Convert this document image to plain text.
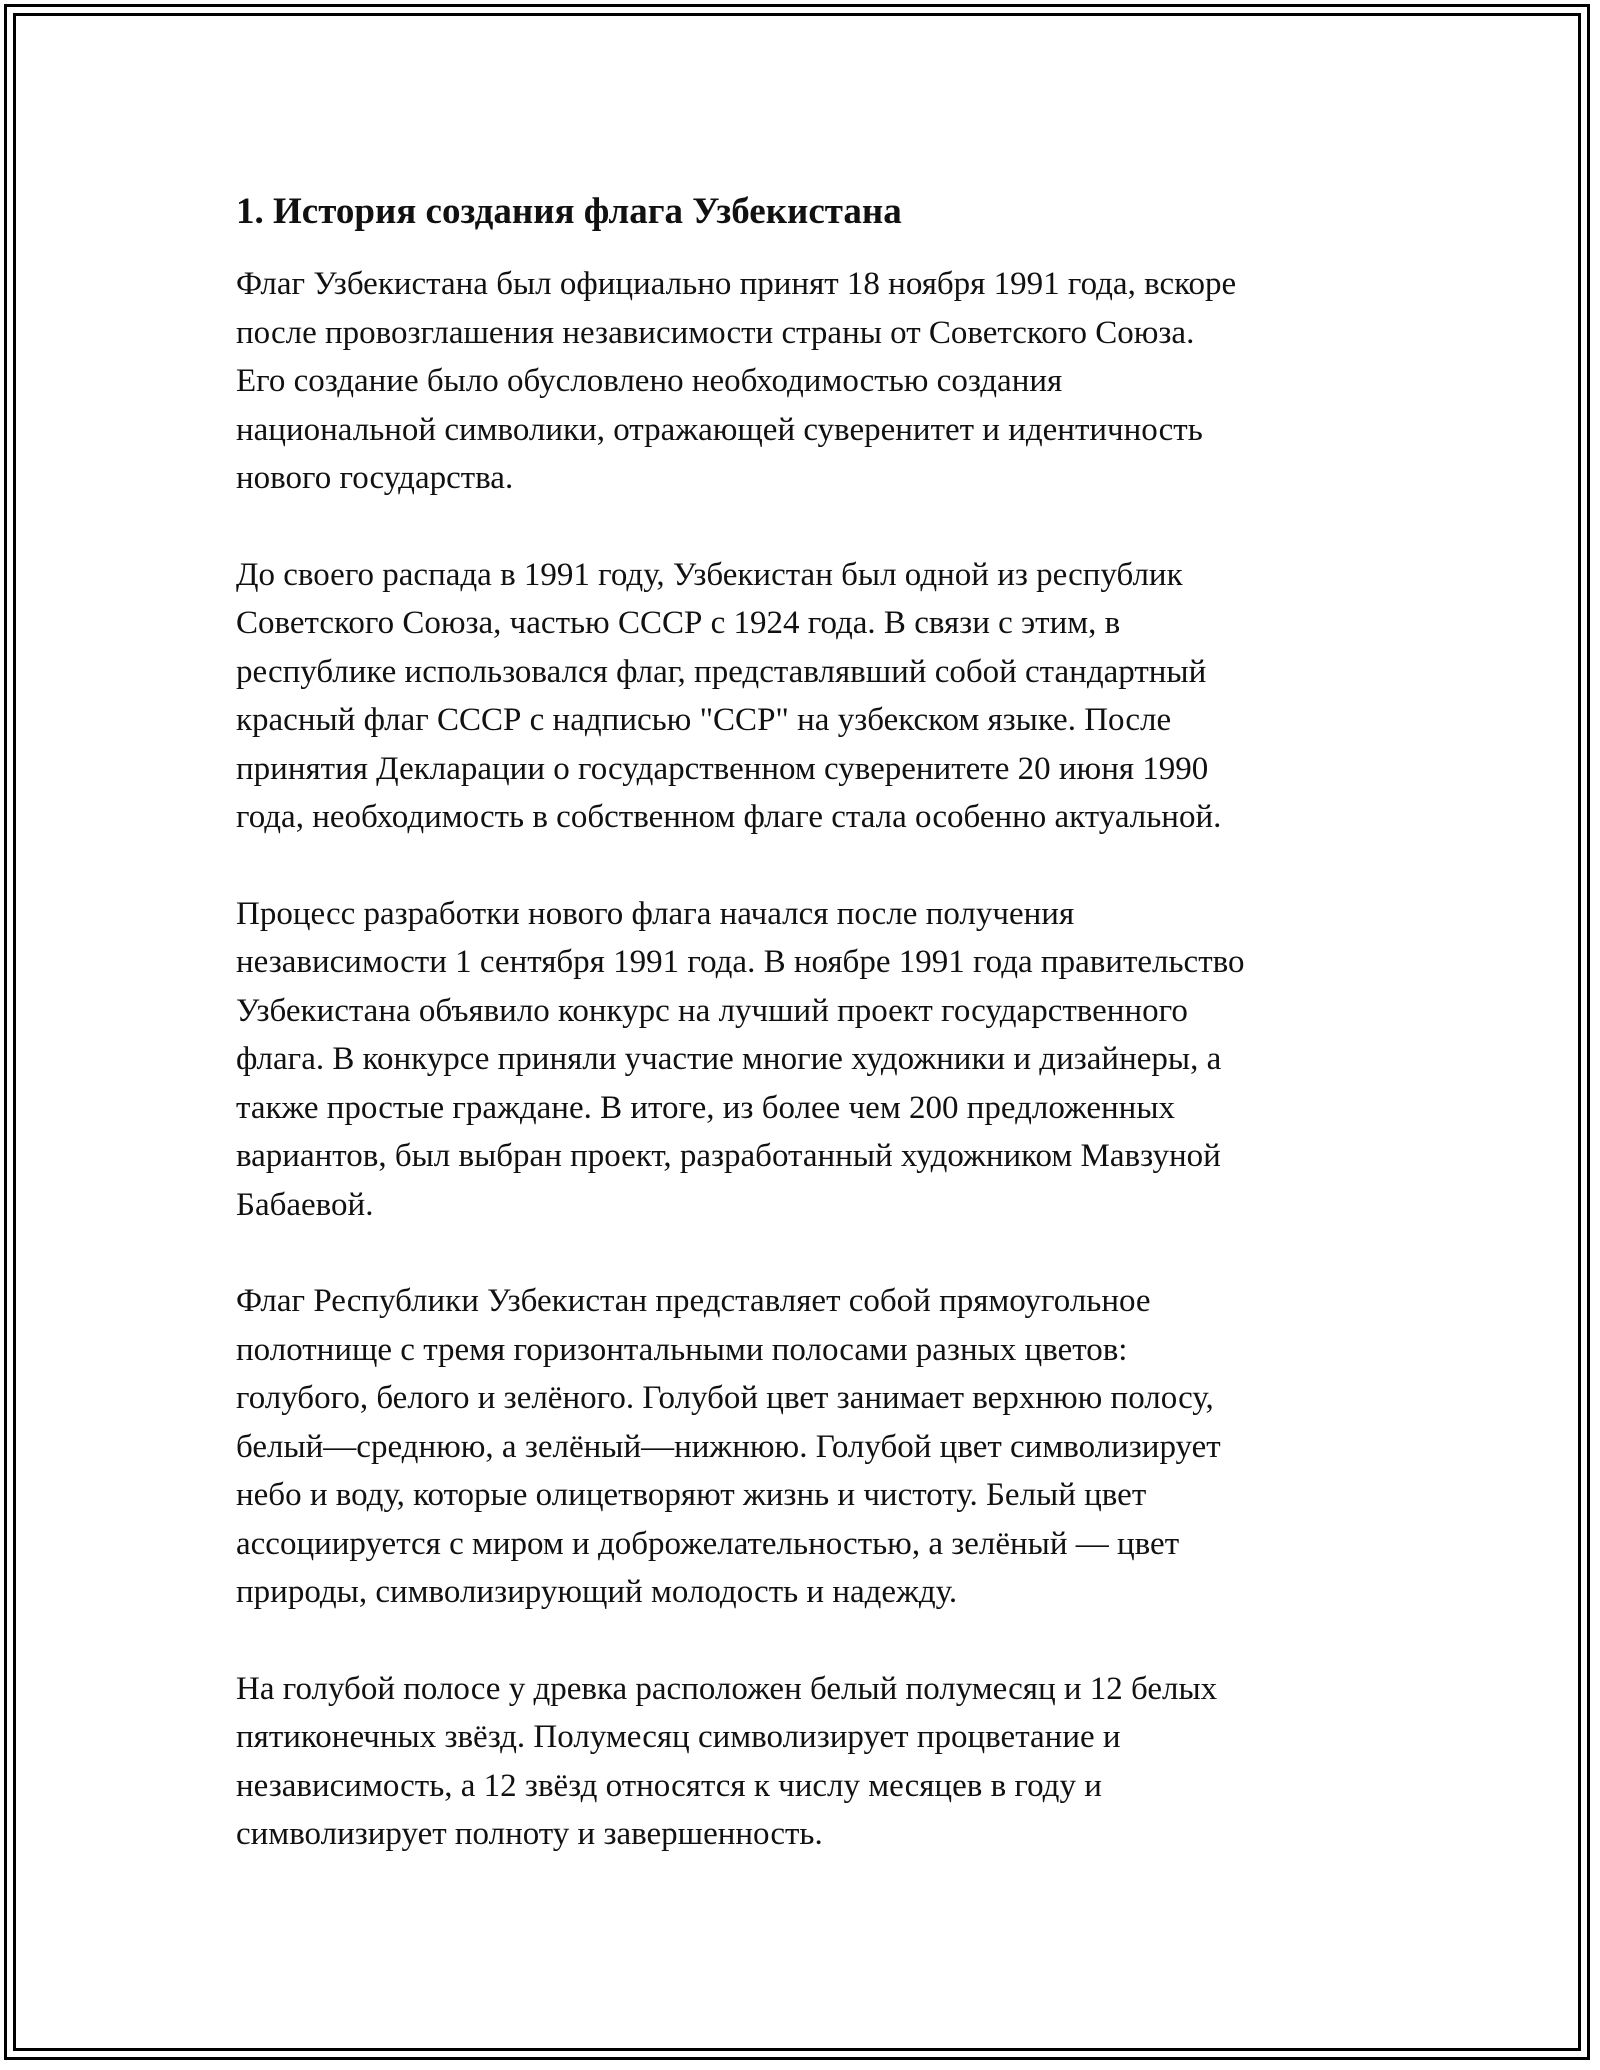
1. История создания флага Узбекистана

Флаг Узбекистана был официально принят 18 ноября 1991 года, вскоре
после провозглашения независимости страны от Советского Союза.
Его создание было обусловлено необходимостью создания
национальной символики, отражающей суверенитет и идентичность
нового государства.

До своего распада в 1991 году, Узбекистан был одной из республик
Советского Союза, частью СССР с 1924 года. В связи с этим, в
республике использовался флаг, представлявший собой стандартный
красный флаг СССР с надписью "ССР" на узбекском языке. После
принятия Декларации о государственном суверенитете 20 июня 1990
года, необходимость в собственном флаге стала особенно актуальной.

Процесс разработки нового флага начался после получения
независимости 1 сентября 1991 года. В ноябре 1991 года правительство
Узбекистана объявило конкурс на лучший проект государственного
флага. В конкурсе приняли участие многие художники и дизайнеры, а
также простые граждане. В итоге, из более чем 200 предложенных
вариантов, был выбран проект, разработанный художником Мавзуной
Бабаевой.

Флаг Республики Узбекистан представляет собой прямоугольное
полотнище с тремя горизонтальными полосами разных цветов:
голубого, белого и зелёного. Голубой цвет занимает верхнюю полосу,
белый—среднюю, а зелёный—нижнюю. Голубой цвет символизирует
небо и воду, которые олицетворяют жизнь и чистоту. Белый цвет
ассоциируется с миром и доброжелательностью, а зелёный — цвет
природы, символизирующий молодость и надежду.

На голубой полосе у древка расположен белый полумесяц и 12 белых
пятиконечных звёзд. Полумесяц символизирует процветание и
независимость, а 12 звёзд относятся к числу месяцев в году и
символизирует полноту и завершенность.
